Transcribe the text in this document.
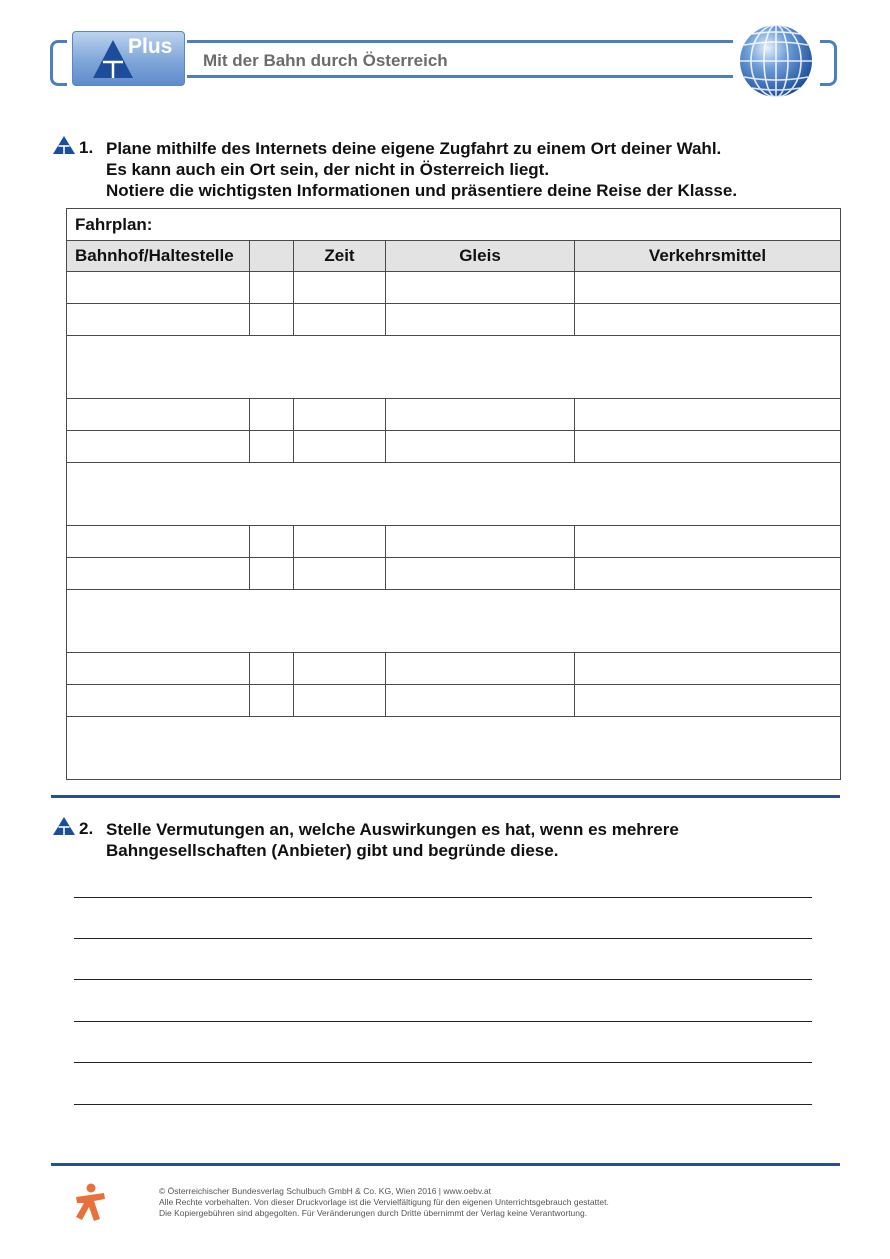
Plus
Mit der Bahn durch Österreich
1. Plane mithilfe des Internets deine eigene Zugfahrt zu einem Ort deiner Wahl.
Es kann auch ein Ort sein, der nicht in Österreich liegt.
Notiere die wichtigsten Informationen und präsentiere deine Reise der Klasse.
Fahrplan:				
Bahnhof/Haltestelle		Zeit	Gleis	Verkehrsmittel

2. Stelle Vermutungen an, welche Auswirkungen es hat, wenn es mehrere
Bahngesellschaften (Anbieter) gibt und begründe diese.
© Österreichischer Bundesverlag Schulbuch GmbH & Co. KG, Wien 2016 | www.oebv.at
Alle Rechte vorbehalten. Von dieser Druckvorlage ist die Vervielfältigung für den eigenen Unterrichtsgebrauch gestattet.
Die Kopiergebühren sind abgegolten. Für Veränderungen durch Dritte übernimmt der Verlag keine Verantwortung.
